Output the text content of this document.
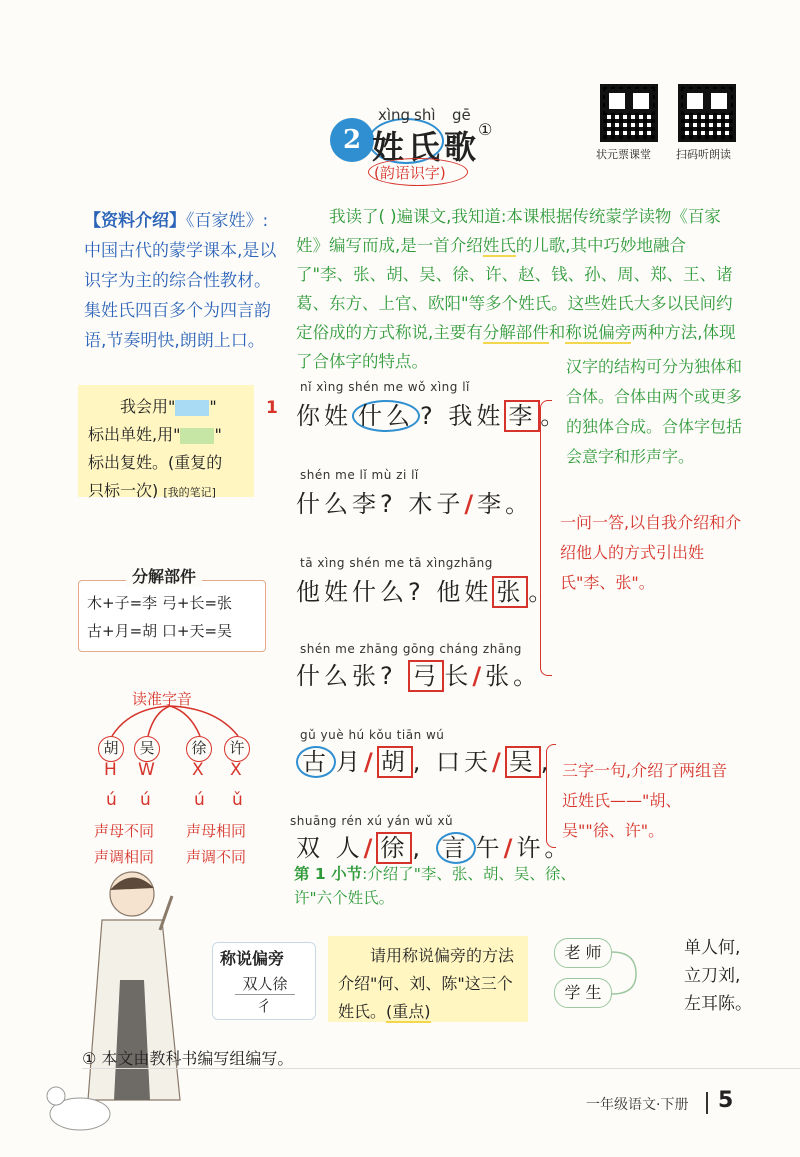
2
xìng shì gē
姓 氏 歌 ①
(韵语识字)
状元票课堂 扫码听朗读
【资料介绍】《百家姓》:中国古代的蒙学课本,是以识字为主的综合性教材。集姓氏四百多个为四言韵语,节奏明快,朗朗上口。
我读了( )遍课文,我知道:本课根据传统蒙学读物《百家姓》编写而成,是一首介绍姓氏的儿歌,其中巧妙地融合了"李、张、胡、吴、徐、许、赵、钱、孙、周、郑、王、诸葛、东方、上官、欧阳"等多个姓氏。这些姓氏大多以民间约定俗成的方式称说,主要有分解部件和称说偏旁两种方法,体现了合体字的特点。
我会用" "
标出单姓,用" "
标出复姓。(重复的
只标一次) [我的笔记]
1
nǐ xìng shén me wǒ xìng lǐ
你姓 什么 ? 我姓 李 。
shén me lǐ mù zi lǐ
什么李? 木子/李。
tā xìng shén me tā xìngzhāng
他姓什么? 他姓 张 。
shén me zhāng gōng cháng zhāng
什么张? 弓 长/张。
gǔ yuè hú kǒu tiān wú
古 月/ 胡 , 口天/ 吴 ,
shuāng rén xú yán wǔ xǔ
双 人/ 徐 , 言 午/许。
汉字的结构可分为独体和合体。合体由两个或更多的独体合成。合体字包括会意字和形声字。
一问一答,以自我介绍和介绍他人的方式引出姓氏"李、张"。
三字一句,介绍了两组音近姓氏——"胡、吴""徐、许"。
木+子=李 弓+长=张
古+月=胡 口+天=吴
分解部件
读准字音
胡	吴	徐	许
H W X X
ú ú	ú ǔ
声母不同
声调相同
声母相同
声调不同
第 1 小节:介绍了"李、张、胡、吴、徐、许"六个姓氏。
双人徐
彳
称说偏旁	请用称说偏旁的方法介绍"何、刘、陈"这三个姓氏。(重点)
老 师
学 生
单人何,
立刀刘,
左耳陈。
① 本文由教科书编写组编写。
一年级语文·下册 5
